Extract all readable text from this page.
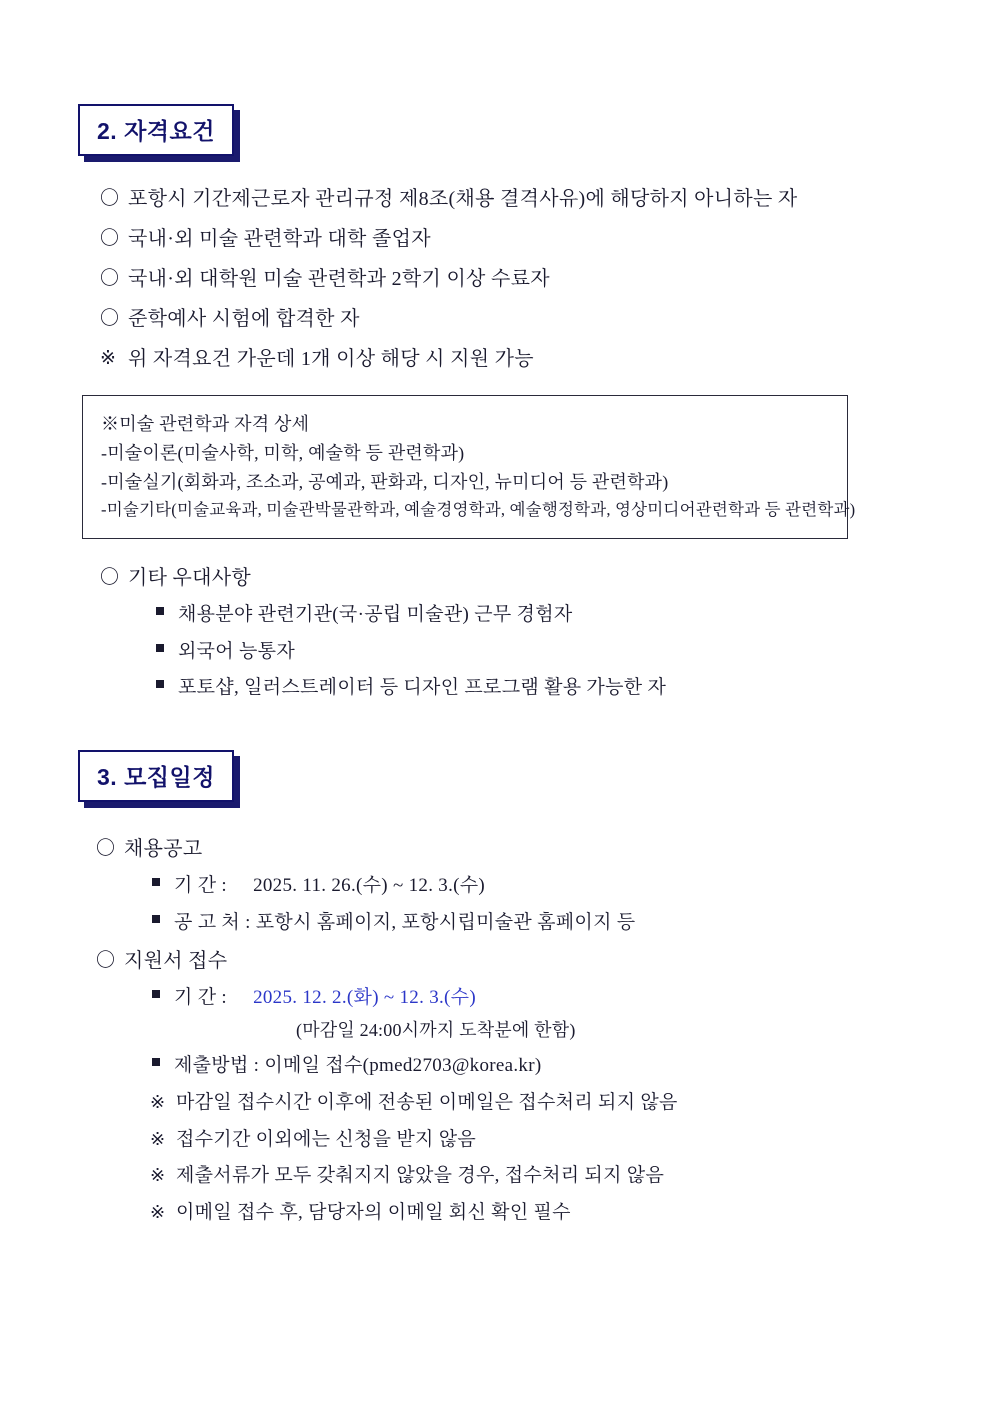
2. 자격요건
〇 포항시 기간제근로자 관리규정 제8조(채용 결격사유)에 해당하지 아니하는 자
〇 국내·외 미술 관련학과 대학 졸업자
〇 국내·외 대학원 미술 관련학과 2학기 이상 수료자
〇 준학예사 시험에 합격한 자
※ 위 자격요건 가운데 1개 이상 해당 시 지원 가능
※미술 관련학과 자격 상세
-미술이론(미술사학, 미학, 예술학 등 관련학과)
-미술실기(회화과, 조소과, 공예과, 판화과, 디자인, 뉴미디어 등 관련학과)
-미술기타(미술교육과, 미술관박물관학과, 예술경영학과, 예술행정학과, 영상미디어관련학과 등 관련학과)
〇 기타 우대사항
채용분야 관련기관(국·공립 미술관) 근무 경험자
외국어 능통자
포토샵, 일러스트레이터 등 디자인 프로그램 활용 가능한 자
3. 모집일정
〇 채용공고
기 간 : 2025. 11. 26.(수) ~ 12. 3.(수)
공 고 처 : 포항시 홈페이지, 포항시립미술관 홈페이지 등
〇 지원서 접수
기 간 : 2025. 12. 2.(화) ~ 12. 3.(수)
(마감일 24:00시까지 도착분에 한함)
제출방법 : 이메일 접수(pmed2703@korea.kr)
※ 마감일 접수시간 이후에 전송된 이메일은 접수처리 되지 않음
※ 접수기간 이외에는 신청을 받지 않음
※ 제출서류가 모두 갖춰지지 않았을 경우, 접수처리 되지 않음
※ 이메일 접수 후, 담당자의 이메일 회신 확인 필수
